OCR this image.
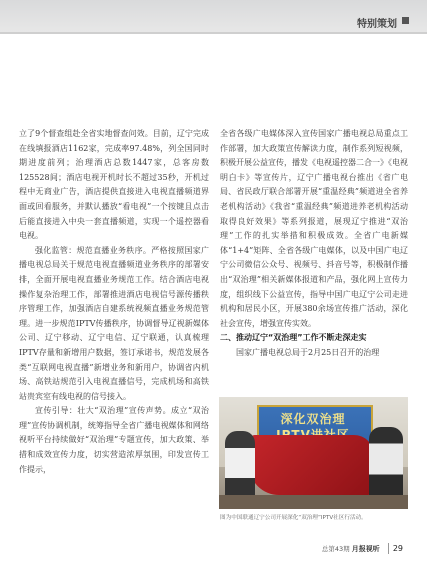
特别策划

立了9个督查组赴全省实地督查问效。目前，辽宁完成在线填报酒店1162家，完成率97.48%，列全国同时期进度前列；治理酒店总数1447家，总客房数125528间；酒店电视开机时长不超过35秒，开机过程中无商业广告，酒店提供直接进入电视直播频道界面或回看服务，并默认播放“看电视”一个按键且点击后能直接进入中央一套直播频道，实现一个遥控器看电视。

强化监管：规范直播业务秩序。严格按照国家广播电视总局关于规范电视直播频道业务秩序的部署安排，全面开展电视直播业务规范工作。结合酒店电视操作复杂治理工作，部署推进酒店电视信号源传播秩序管理工作，加强酒店自建系统视频直播业务规范管理。进一步规范IPTV传播秩序，协调督导辽视新媒体公司、辽宁移动、辽宁电信、辽宁联通，认真梳理IPTV存量和新增用户数据，签订承诺书，规范发展各类“互联网电视直播”新增业务和新用户，协调省内机场、高铁站规范引入电视直播信号，完成机场和高铁站贵宾室有线电视的信号接入。

宣传引导：壮大“双治理”宣传声势。成立“双治理”宣传协调机制，统筹指导全省广播电视媒体和网络视听平台持续做好“双治理”专题宣传，加大政策、举措和成效宣传力度，切实营造浓厚氛围，印发宣传工作提示，

全省各级广电媒体深入宣传国家广播电视总局重点工作部署，加大政策宣传解读力度，制作系列短视频，积极开展公益宣传，播发《电视遥控器二合一》《电视明白卡》等宣传片，辽宁广播电视台推出《省广电局、省民政厅联合部署开展“重温经典”频道进全省养老机构活动》《我省“重温经典”频道进养老机构活动取得良好效果》等系列报道，展现辽宁推进“双治理”工作的扎实举措和积极成效。全省广电新媒体“1+4”矩阵、全省各级广电媒体，以及中国广电辽宁公司微信公众号、视频号、抖音号等，积极制作播出“双治理”相关新媒体报道和产品，强化网上宣传力度，组织线下公益宣传，指导中国广电辽宁公司走进机构和居民小区，开展380余场宣传推广活动，深化社会宣传，增强宣传实效。

二、推动辽宁“双治理”工作不断走深走实

国家广播电视总局于2月25日召开的治理

深化双治理
图为中国联通辽宁公司开展深化“双治理”IPTV社区行活动。
总第43期 月报视听 29
